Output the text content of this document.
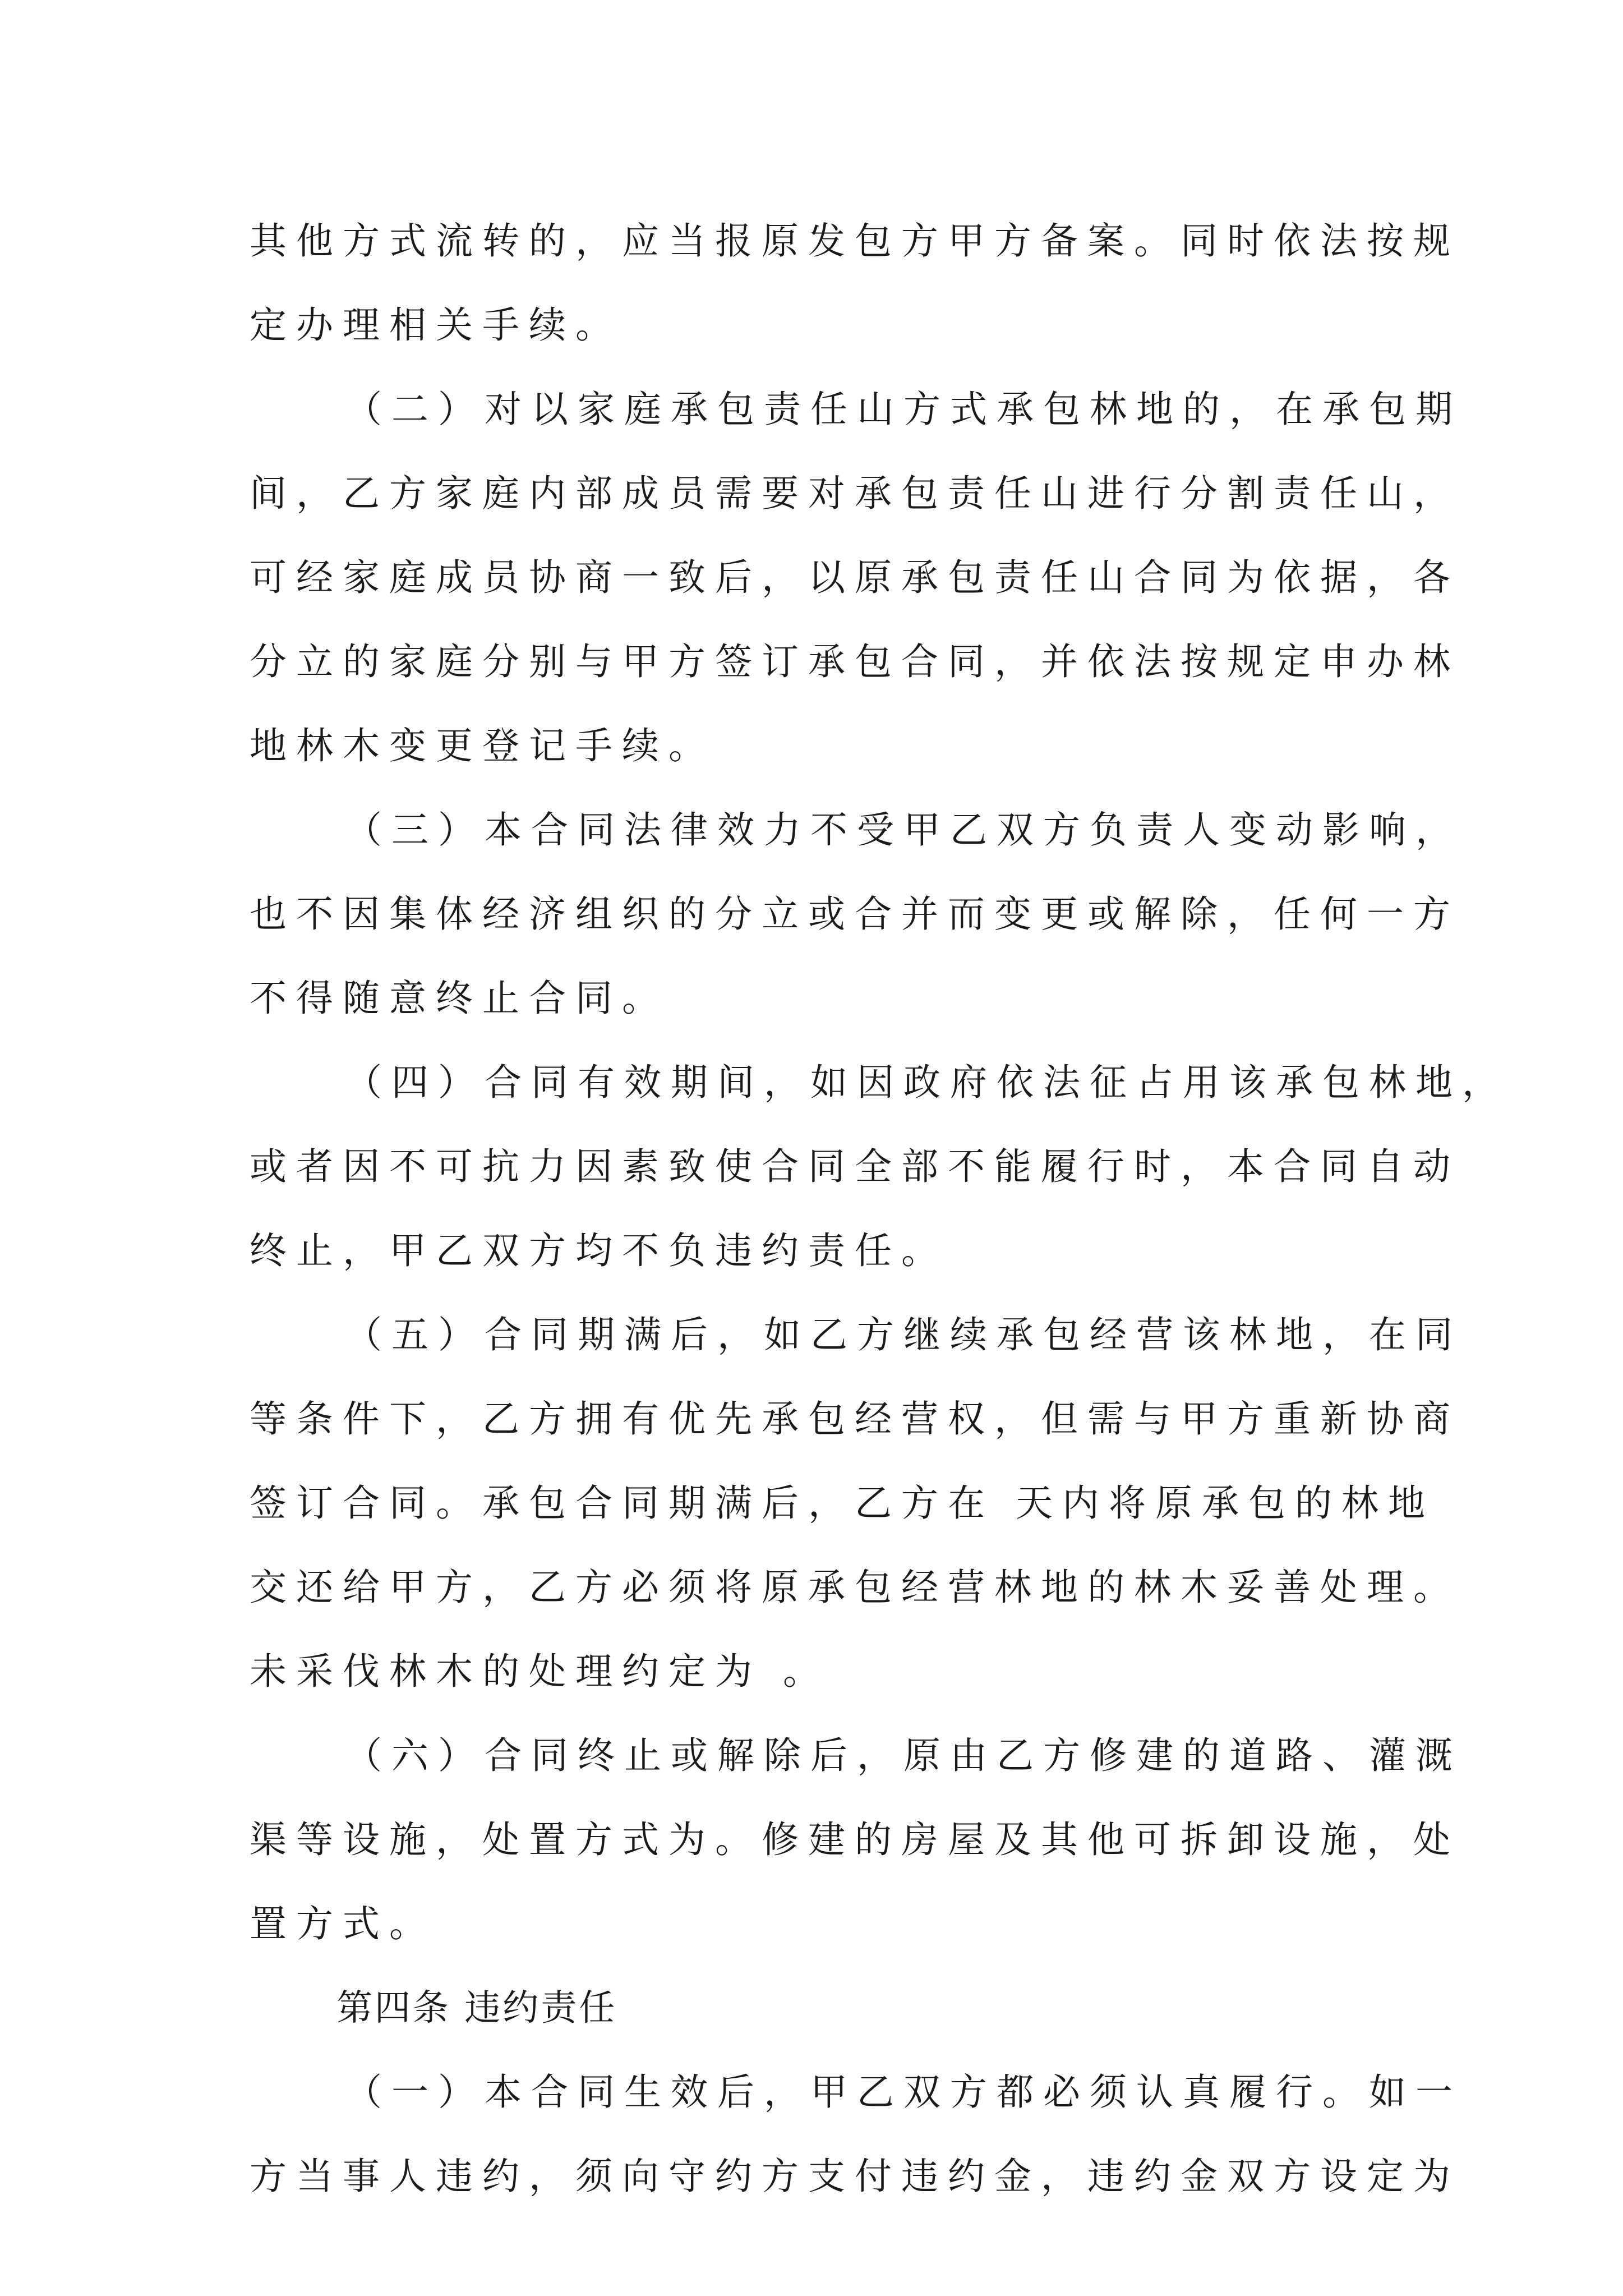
其他方式流转的，应当报原发包方甲方备案。同时依法按规

定办理相关手续。

（二）对以家庭承包责任山方式承包林地的，在承包期

间，乙方家庭内部成员需要对承包责任山进行分割责任山，

可经家庭成员协商一致后，以原承包责任山合同为依据，各

分立的家庭分别与甲方签订承包合同，并依法按规定申办林

地林木变更登记手续。

（三）本合同法律效力不受甲乙双方负责人变动影响，

也不因集体经济组织的分立或合并而变更或解除，任何一方

不得随意终止合同。

（四）合同有效期间，如因政府依法征占用该承包林地，

或者因不可抗力因素致使合同全部不能履行时，本合同自动

终止，甲乙双方均不负违约责任。

（五）合同期满后，如乙方继续承包经营该林地，在同

等条件下，乙方拥有优先承包经营权，但需与甲方重新协商

签订合同。承包合同期满后，乙方在 天内将原承包的林地

交还给甲方，乙方必须将原承包经营林地的林木妥善处理。

未采伐林木的处理约定为 。

（六）合同终止或解除后，原由乙方修建的道路、灌溉

渠等设施，处置方式为。修建的房屋及其他可拆卸设施，处

置方式。

第四条 违约责任

（一）本合同生效后，甲乙双方都必须认真履行。如一

方当事人违约，须向守约方支付违约金，违约金双方设定为
